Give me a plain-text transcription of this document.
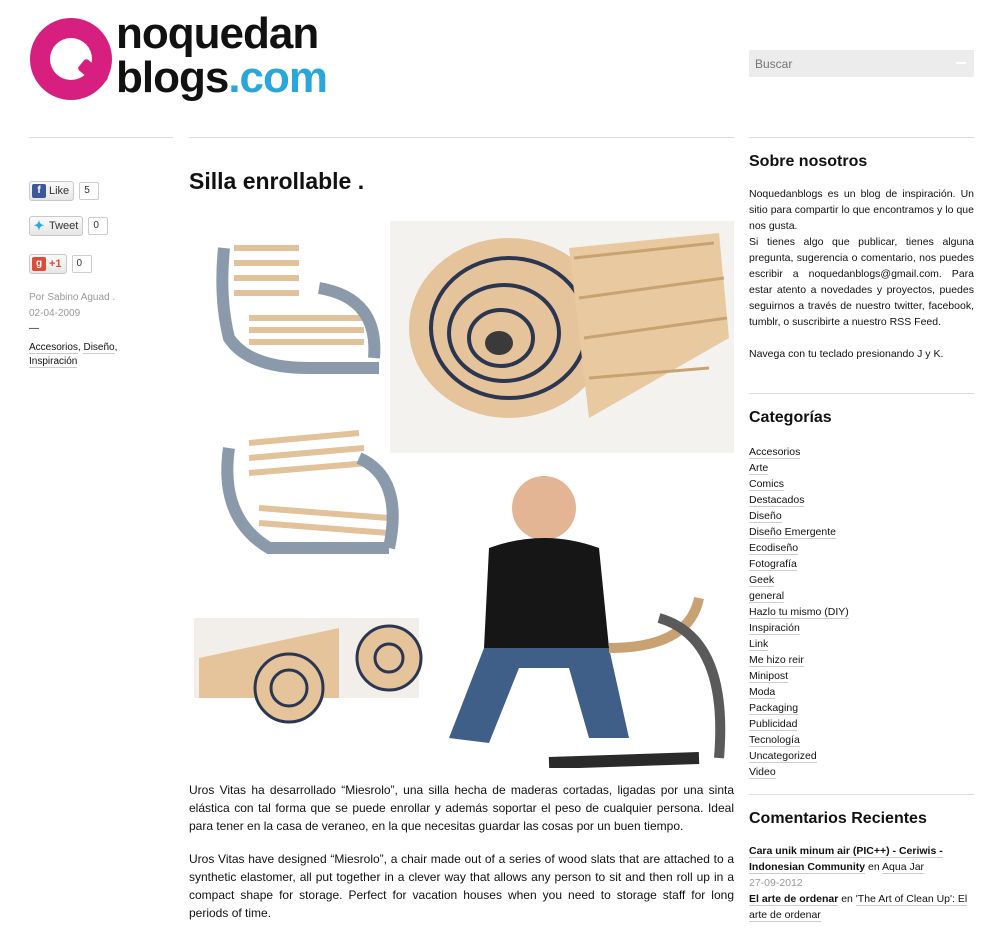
noquedan
blogs.com
Buscar
f Like	5
✦ Tweet	0
g +1	0
Por Sabino Aguad .
02-04-2009
—
Accesorios, Diseño,
Inspiración
Silla enrollable .

Uros Vitas ha desarrollado “Miesrolo”, una silla hecha de maderas cortadas, ligadas por una sinta elástica con tal forma que se puede enrollar y además soportar el peso de cualquier persona. Ideal para tener en la casa de veraneo, en la que necesitas guardar las cosas por un buen tiempo.

Uros Vitas have designed “Miesrolo”, a chair made out of a series of wood slats that are attached to a synthetic elastomer, all put together in a clever way that allows any person to sit and then roll up in a compact shape for storage. Perfect for vacation houses when you need to storage staff for long periods of time.

Sobre nosotros
Noquedanblogs es un blog de inspiración. Un sitio para compartir lo que encontramos y lo que nos gusta.
Si tienes algo que publicar, tienes alguna pregunta, sugerencia o comentario, nos puedes escribir a noquedanblogs@gmail.com. Para estar atento a novedades y proyectos, puedes seguirnos a través de nuestro twitter, facebook, tumblr, o suscribirte a nuestro RSS Feed.
Navega con tu teclado presionando J y K.
Categorías
Accesorios
Arte
Comics
Destacados
Diseño
Diseño Emergente
Ecodiseño
Fotografía
Geek
general
Hazlo tu mismo (DIY)
Inspiración
Link
Me hizo reir
Minipost
Moda
Packaging
Publicidad
Tecnología
Uncategorized
Video
Comentarios Recientes
Cara unik minum air (PIC++) - Ceriwis - Indonesian Community en Aqua Jar
27-09-2012
El arte de ordenar en 'The Art of Clean Up': El arte de ordenar
